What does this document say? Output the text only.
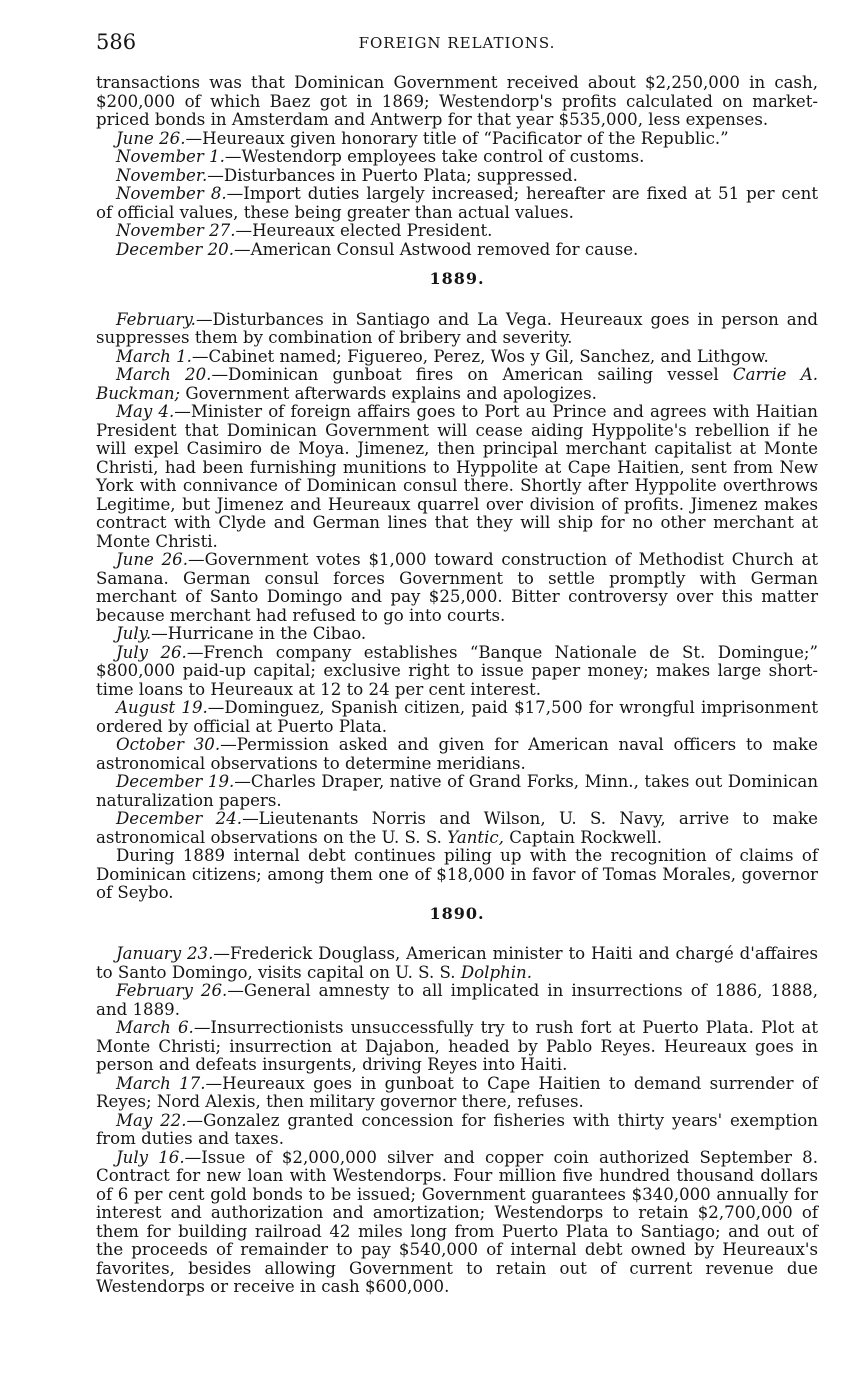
586	FOREIGN RELATIONS.

transactions was that Dominican Government received about $2,250,000 in cash, $200,000 of which Baez got in 1869; Westendorp's profits calculated on market-priced bonds in Amsterdam and Antwerp for that year $535,000, less expenses.

June 26.—Heureaux given honorary title of “Pacificator of the Republic.”

November 1.—Westendorp employees take control of customs.

November.—Disturbances in Puerto Plata; suppressed.

November 8.—Import duties largely increased; hereafter are fixed at 51 per cent of official values, these being greater than actual values.

November 27.—Heureaux elected President.

December 20.—American Consul Astwood removed for cause.

1889.

February.—Disturbances in Santiago and La Vega. Heureaux goes in person and suppresses them by combination of bribery and severity.

March 1.—Cabinet named; Figuereo, Perez, Wos y Gil, Sanchez, and Lithgow.

March 20.—Dominican gunboat fires on American sailing vessel Carrie A. Buckman; Government afterwards explains and apologizes.

May 4.—Minister of foreign affairs goes to Port au Prince and agrees with Haitian President that Dominican Government will cease aiding Hyppolite's rebellion if he will expel Casimiro de Moya. Jimenez, then principal merchant capitalist at Monte Christi, had been furnishing munitions to Hyppolite at Cape Haitien, sent from New York with connivance of Dominican consul there. Shortly after Hyppolite overthrows Legitime, but Jimenez and Heureaux quarrel over division of profits. Jimenez makes contract with Clyde and German lines that they will ship for no other merchant at Monte Christi.

June 26.—Government votes $1,000 toward construction of Methodist Church at Samana. German consul forces Government to settle promptly with German merchant of Santo Domingo and pay $25,000. Bitter controversy over this matter because merchant had refused to go into courts.

July.—Hurricane in the Cibao.

July 26.—French company establishes “Banque Nationale de St. Domingue;” $800,000 paid-up capital; exclusive right to issue paper money; makes large short-time loans to Heureaux at 12 to 24 per cent interest.

August 19.—Dominguez, Spanish citizen, paid $17,500 for wrongful imprisonment ordered by official at Puerto Plata.

October 30.—Permission asked and given for American naval officers to make astronomical observations to determine meridians.

December 19.—Charles Draper, native of Grand Forks, Minn., takes out Dominican naturalization papers.

December 24.—Lieutenants Norris and Wilson, U. S. Navy, arrive to make astronomical observations on the U. S. S. Yantic, Captain Rockwell.

During 1889 internal debt continues piling up with the recognition of claims of Dominican citizens; among them one of $18,000 in favor of Tomas Morales, governor of Seybo.

1890.

January 23.—Frederick Douglass, American minister to Haiti and chargé d'affaires to Santo Domingo, visits capital on U. S. S. Dolphin.

February 26.—General amnesty to all implicated in insurrections of 1886, 1888, and 1889.

March 6.—Insurrectionists unsuccessfully try to rush fort at Puerto Plata. Plot at Monte Christi; insurrection at Dajabon, headed by Pablo Reyes. Heureaux goes in person and defeats insurgents, driving Reyes into Haiti.

March 17.—Heureaux goes in gunboat to Cape Haitien to demand surrender of Reyes; Nord Alexis, then military governor there, refuses.

May 22.—Gonzalez granted concession for fisheries with thirty years' exemption from duties and taxes.

July 16.—Issue of $2,000,000 silver and copper coin authorized September 8. Contract for new loan with Westendorps. Four million five hundred thousand dollars of 6 per cent gold bonds to be issued; Government guarantees $340,000 annually for interest and authorization and amortization; Westendorps to retain $2,700,000 of them for building railroad 42 miles long from Puerto Plata to Santiago; and out of the proceeds of remainder to pay $540,000 of internal debt owned by Heureaux's favorites, besides allowing Government to retain out of current revenue due Westendorps or receive in cash $600,000.
